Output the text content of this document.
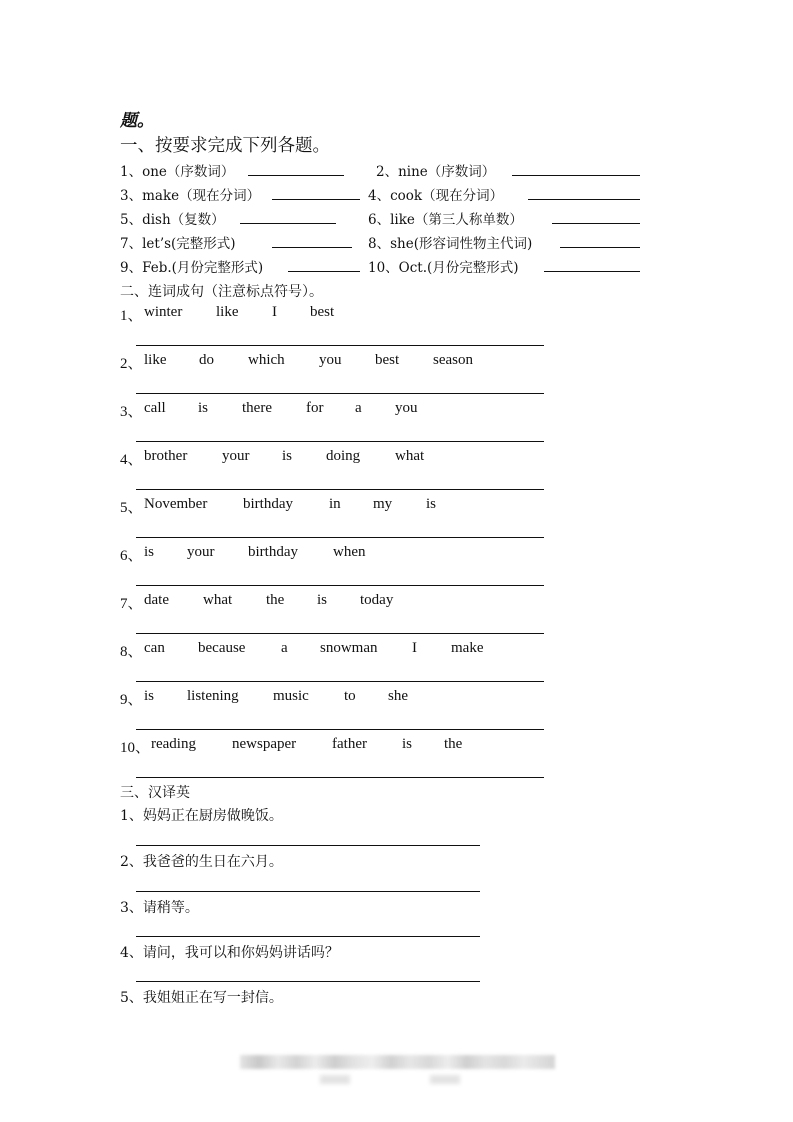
题。
一、按要求完成下列各题。
1、one（序数词）	2、nine（序数词）
3、make（现在分词）	4、cook（现在分词）
5、dish（复数）	6、like（第三人称单数）
7、let’s(完整形式)	8、she(形容词性物主代词)
9、Feb.(月份完整形式)	10、Oct.(月份完整形式)
二、连词成句（注意标点符号）。
1、 winter like I best
2、 like do which you best season
3、 call is there for a you
4、 brother your is doing what
5、 November birthday in my is
6、 is your birthday when
7、 date what the is today
8、 can because a snowman I make
9、 is listening music to she
10、 reading newspaper father is the
三、汉译英
1、妈妈正在厨房做晚饭。
2、我爸爸的生日在六月。
3、请稍等。
4、请问，我可以和你妈妈讲话吗？
5、我姐姐正在写一封信。
